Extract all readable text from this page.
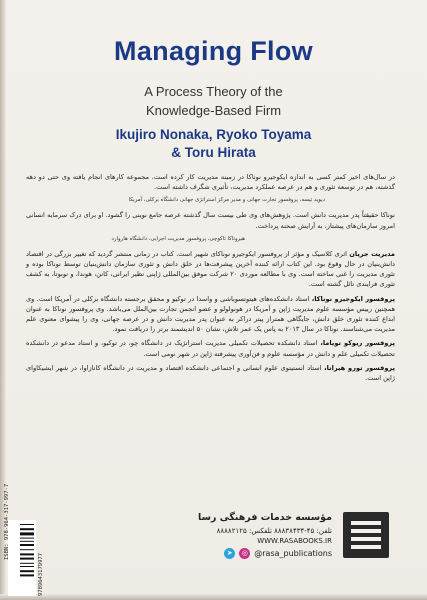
Managing Flow
A Process Theory of the
Knowledge-Based Firm
Ikujiro Nonaka, Ryoko Toyama
& Toru Hirata

در سال‌های اخیر کمتر کسی به اندازه ایکوجیرو نوناکا در زمینه مدیریت کار کرده است. مجموعه کارهای انجام یافته وی حتی دو دهه گذشته، هم در توسعه تئوری و هم در عرصه عملکرد مدیریت، تأثیری شگرف داشته است.

دیوید تیسه، پروفسور تجارت جهانی و مدیر مرکز استراتژی جهانی دانشگاه برکلی، آمریکا

نوناکا حقیقتاً پدر مدیریت دانش است. پژوهش‌های وی طی بیست سال گذشته عرصه جامع نوینی را گشود. او برای درک سرمایه انسانی امروز سازمان‌های پیشتاز، به آرایش صحنه پرداخت.

هیروتاکا تاکوچی، پروفسور مدیریت اجرایی، دانشگاه هاروارد

مدیریت جریان اثری کلاسیک و مؤثر از پروفسور ایکوجیرو نوناکای شهیر است. کتاب در زمانی منتشر گردید که تغییر بزرگی در اقتصاد دانش‌بنیان در حال وقوع بود. این کتاب ارائه کننده آخرین پیشرفت‌ها در خلق دانش و تئوری سازمان دانش‌بنیان توسط نوناکا بوده و تئوری مدیریت را غنی ساخته است. وی با مطالعه موردی ۲۰ شرکت موفق بین‌المللی ژاپنی نظیر ایرانی، کانن، هوندا، و نوبوتا، به کشف تئوری فرایندی نائل گشته است.

پروفسور ایکوجیرو نوناکا، استاد دانشکده‌های هیتوتسوباشی و واسدا در توکیو و محقق برجسته دانشگاه برکلی در آمریکا است. وی همچنین رییس مؤسسه علوم مدیریت ژاپن و آمریکا در هونولولو و عضو انجمن تجارت بین‌الملل می‌باشد. وی پروفسور نوناکا به عنوان ابداع کننده تئوری خلق دانش، جایگاهی همتراز پیتر دراکر به عنوان پدر مدیریت دانش و در عرصه جهانی، وی را پیشوای معنوی علم مدیریت می‌شناسند. نوناکا در سال ۲۰۱۳ به پاس یک عمر تلاش، نشان ۵۰ اندیشمند برتر را دریافت نمود.

پروفسور ریوکو تویاما، استاد دانشکده تحصیلات تکمیلی مدیریت استراتژیک در دانشگاه چو، در توکیو، و استاد مدعو در دانشکده تحصیلات تکمیلی علم و دانش در مؤسسه علوم و فن‌آوری پیشرفته ژاپن در شهر نومی است.

پروفسور تورو هیراتا، استاد انستیتوی علوم انسانی و اجتماعی دانشکده اقتصاد و مدیریت در دانشگاه کانازاوا، در شهر ایشیکاوای ژاپن است.

مؤسسه خدمات فرهنگی رسا
تلفن: ۴۵-۸۸۸۳۸۴۳۴ تلفکس: ۸۸۸۸۲۱۲۵
WWW.RASABOOKS.IR
➤	◎ @rasa_publications
ISBN: 978-964-317-997-7
9789643179977
